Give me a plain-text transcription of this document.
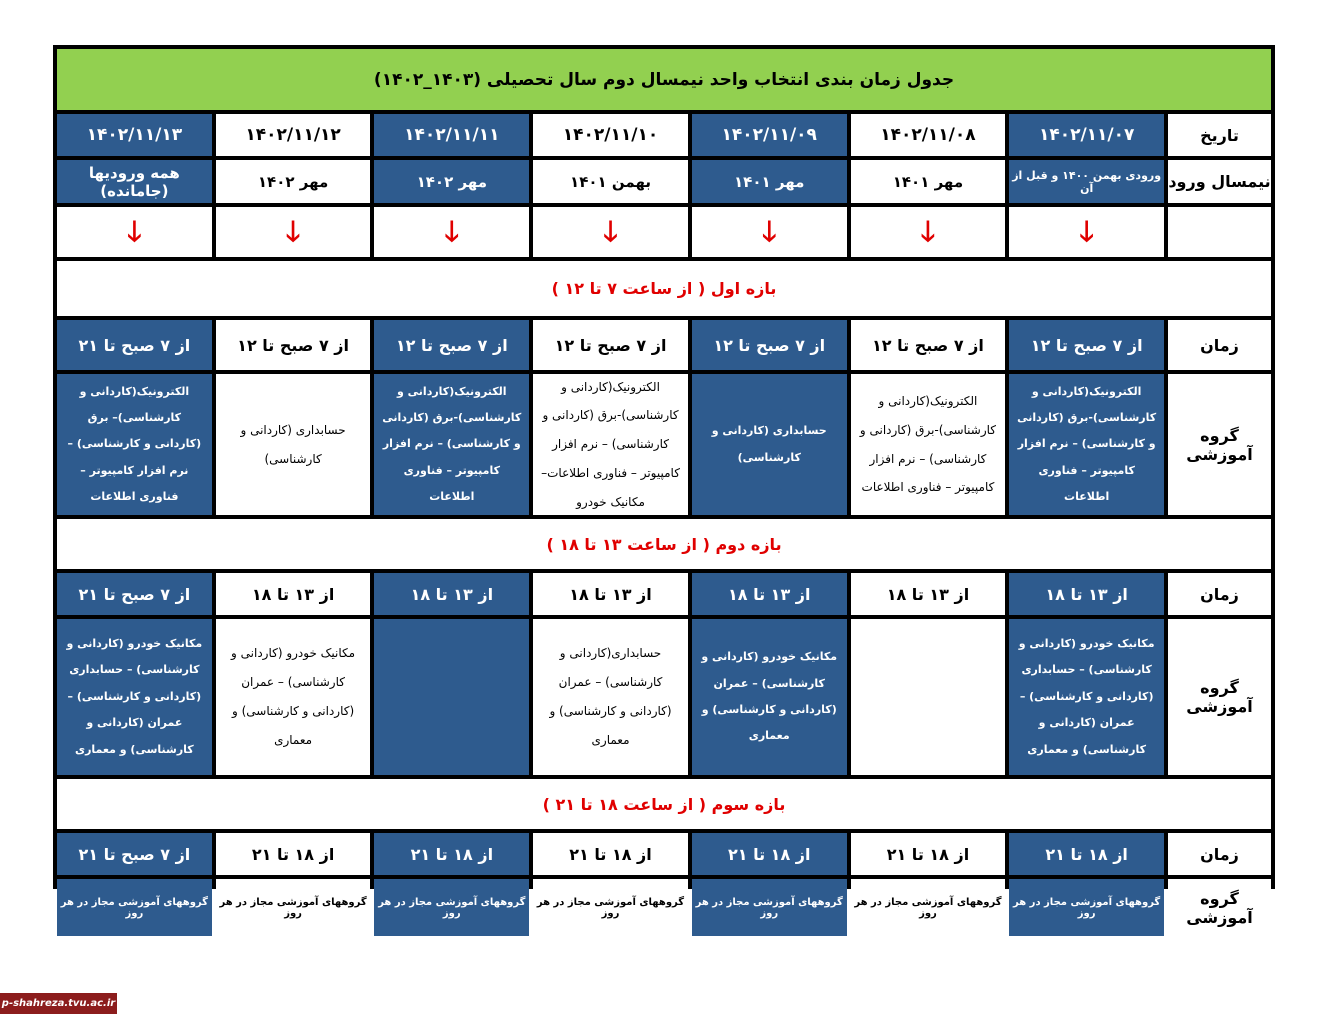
جدول زمان بندی انتخاب واحد نیمسال دوم سال تحصیلی (۱۴۰۳_۱۴۰۲)
تاریخ
۱۴۰۲/۱۱/۰۷
۱۴۰۲/۱۱/۰۸
۱۴۰۲/۱۱/۰۹
۱۴۰۲/۱۱/۱۰
۱۴۰۲/۱۱/۱۱
۱۴۰۲/۱۱/۱۲
۱۴۰۲/۱۱/۱۳
نیمسال ورود
ورودی بهمن ۱۴۰۰ و قبل از آن
مهر ۱۴۰۱
مهر ۱۴۰۱
بهمن ۱۴۰۱
مهر ۱۴۰۲
مهر ۱۴۰۲
همه ورودیها (جامانده)
🡓
🡓
🡓
🡓
🡓
🡓
🡓
بازه اول ( از ساعت ۷ تا ۱۲ )
زمان
از ۷ صبح تا ۱۲
از ۷ صبح تا ۱۲
از ۷ صبح تا ۱۲
از ۷ صبح تا ۱۲
از ۷ صبح تا ۱۲
از ۷ صبح تا ۱۲
از ۷ صبح تا ۲۱
گروه آموزشی
الکترونیک(کاردانی و کارشناسی)-برق (کاردانی و کارشناسی) – نرم افزار کامپیوتر – فناوری اطلاعات
الکترونیک(کاردانی و کارشناسی)-برق (کاردانی و کارشناسی) – نرم افزار کامپیوتر – فناوری اطلاعات
حسابداری (کاردانی و کارشناسی)
الکترونیک(کاردانی و کارشناسی)-برق (کاردانی و کارشناسی) – نرم افزار کامپیوتر – فناوری اطلاعات– مکانیک خودرو
الکترونیک(کاردانی و کارشناسی)-برق (کاردانی و کارشناسی) – نرم افزار کامپیوتر – فناوری اطلاعات
حسابداری (کاردانی و کارشناسی)
الکترونیک(کاردانی و کارشناسی)– برق (کاردانی و کارشناسی) – نرم افزار کامپیوتر – فناوری اطلاعات
بازه دوم ( از ساعت ۱۳ تا ۱۸ )
زمان
از ۱۳ تا ۱۸
از ۱۳ تا ۱۸
از ۱۳ تا ۱۸
از ۱۳ تا ۱۸
از ۱۳ تا ۱۸
از ۱۳ تا ۱۸
از ۷ صبح تا ۲۱
گروه آموزشی
مکانیک خودرو (کاردانی و کارشناسی) – حسابداری (کاردانی و کارشناسی) – عمران (کاردانی و کارشناسی) و معماری
مکانیک خودرو (کاردانی و کارشناسی) – عمران (کاردانی و کارشناسی) و معماری
حسابداری(کاردانی و کارشناسی) – عمران (کاردانی و کارشناسی) و معماری
مکانیک خودرو (کاردانی و کارشناسی) – عمران (کاردانی و کارشناسی) و معماری
مکانیک خودرو (کاردانی و کارشناسی) – حسابداری (کاردانی و کارشناسی) – عمران (کاردانی و کارشناسی) و معماری
بازه سوم ( از ساعت ۱۸ تا ۲۱ )
زمان
از ۱۸ تا ۲۱
از ۱۸ تا ۲۱
از ۱۸ تا ۲۱
از ۱۸ تا ۲۱
از ۱۸ تا ۲۱
از ۱۸ تا ۲۱
از ۷ صبح تا ۲۱
گروه آموزشی
گروههای آموزشی مجاز در هر روز
گروههای آموزشی مجاز در هر روز
گروههای آموزشی مجاز در هر روز
گروههای آموزشی مجاز در هر روز
گروههای آموزشی مجاز در هر روز
گروههای آموزشی مجاز در هر روز
گروههای آموزشی مجاز در هر روز
p-shahreza.tvu.ac.ir
